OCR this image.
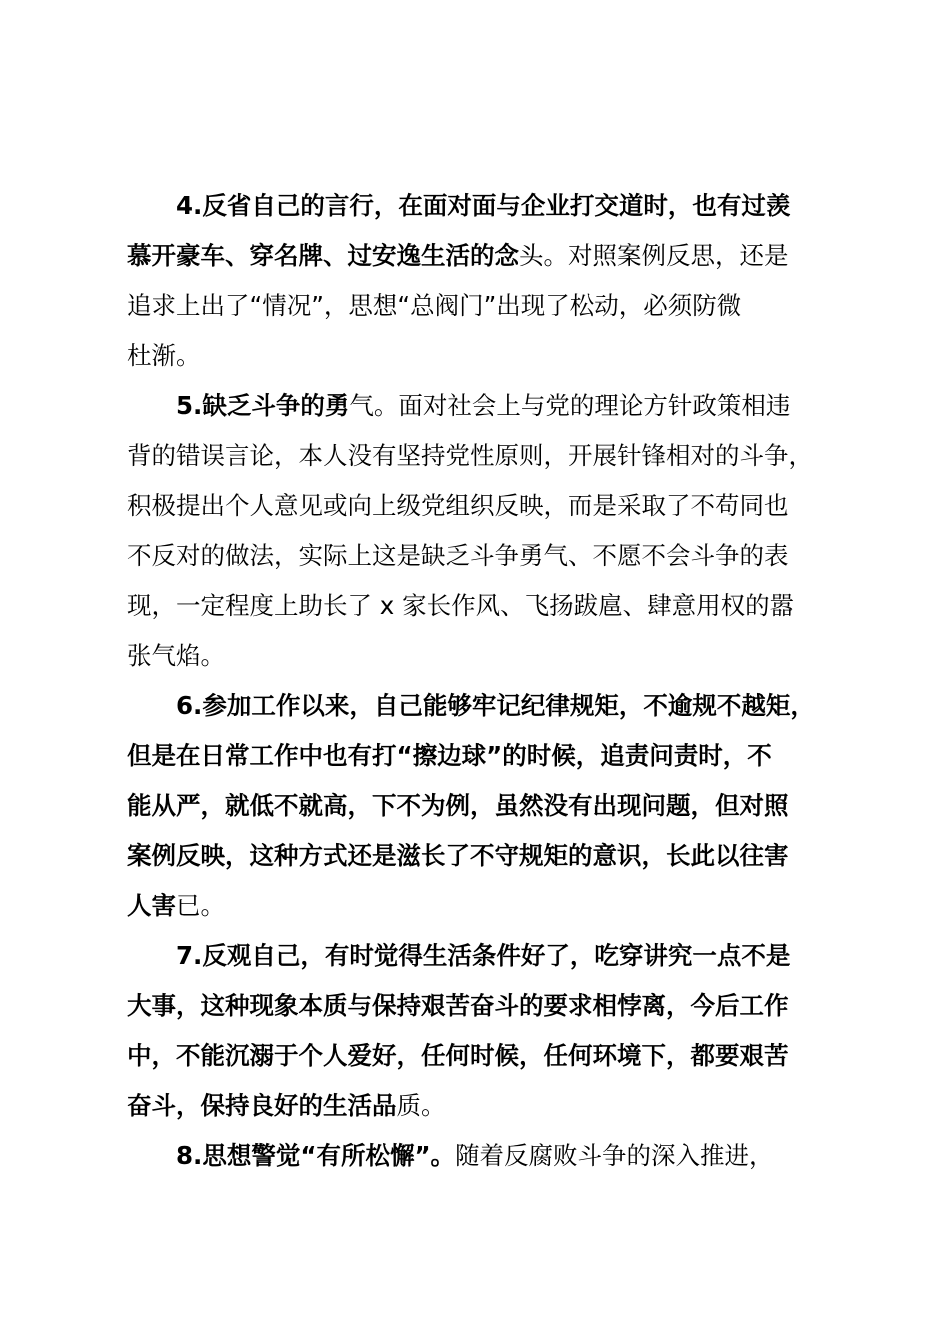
4.反省自己的言行，在面对面与企业打交道时，也有过羡
慕开豪车、穿名牌、过安逸生活的念头。对照案例反思，还是
追求上出了“情况”，思想“总阀门”出现了松动，必须防微
杜渐。

5.缺乏斗争的勇气。面对社会上与党的理论方针政策相违
背的错误言论，本人没有坚持党性原则，开展针锋相对的斗争，
积极提出个人意见或向上级党组织反映，而是采取了不苟同也
不反对的做法，实际上这是缺乏斗争勇气、不愿不会斗争的表
现，一定程度上助长了 x 家长作风、飞扬跋扈、肆意用权的嚣
张气焰。

6.参加工作以来，自己能够牢记纪律规矩，不逾规不越矩，
但是在日常工作中也有打“擦边球”的时候，追责问责时，不
能从严，就低不就高，下不为例，虽然没有出现问题，但对照
案例反映，这种方式还是滋长了不守规矩的意识，长此以往害
人害已。

7.反观自己，有时觉得生活条件好了，吃穿讲究一点不是
大事，这种现象本质与保持艰苦奋斗的要求相悖离，今后工作
中，不能沉溺于个人爱好，任何时候，任何环境下，都要艰苦
奋斗，保持良好的生活品质。

8.思想警觉“有所松懈”。随着反腐败斗争的深入推进，
